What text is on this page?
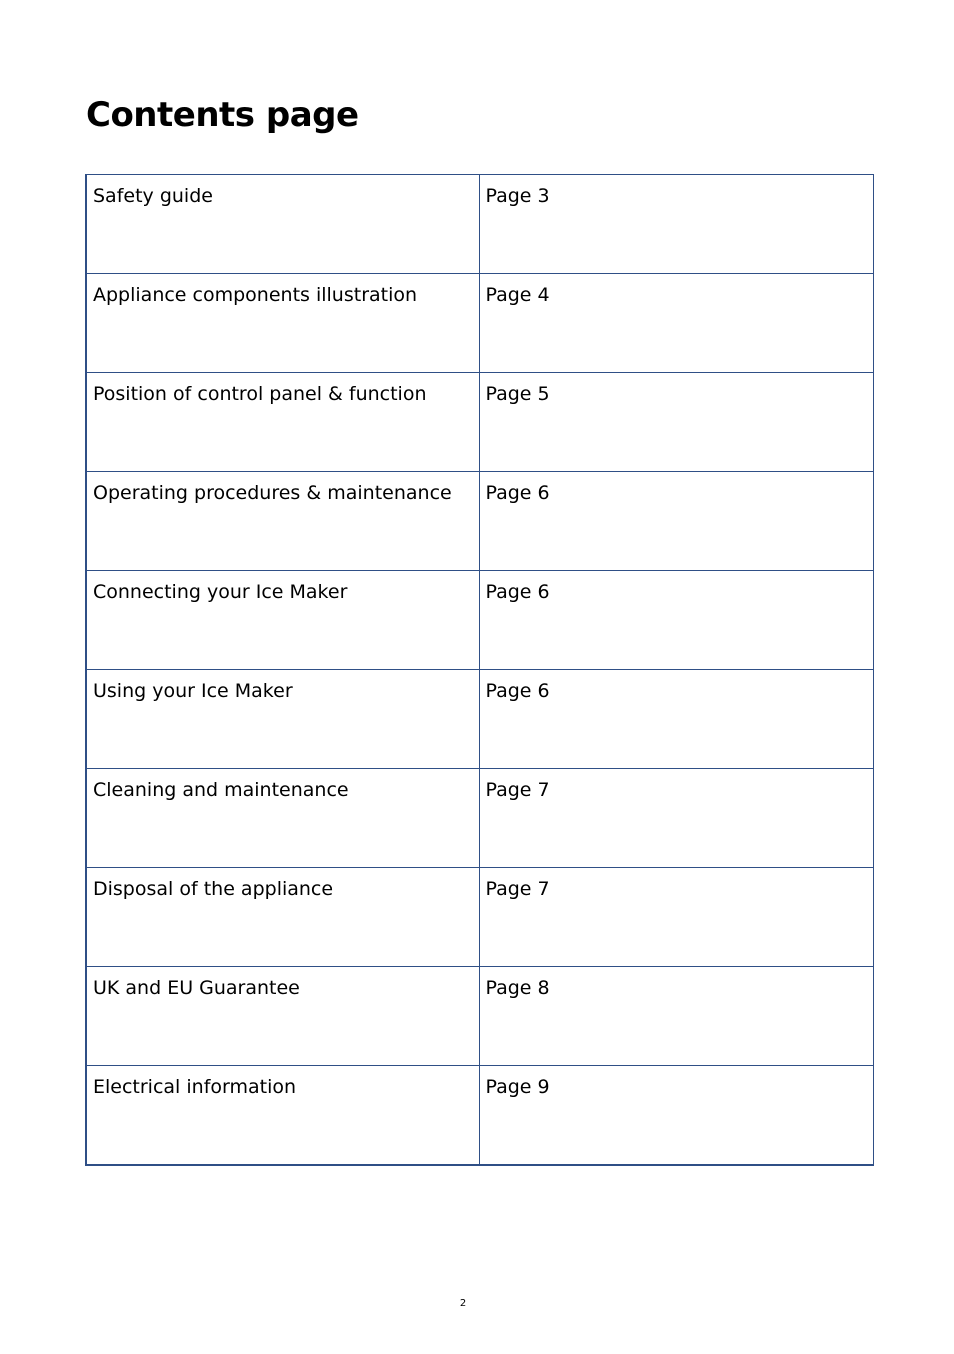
Contents page
Safety guide	Page 3
Appliance components illustration	Page 4
Position of control panel & function	Page 5
Operating procedures & maintenance	Page 6
Connecting your Ice Maker	Page 6
Using your Ice Maker	Page 6
Cleaning and maintenance	Page 7
Disposal of the appliance	Page 7
UK and EU Guarantee	Page 8
Electrical information	Page 9
2
